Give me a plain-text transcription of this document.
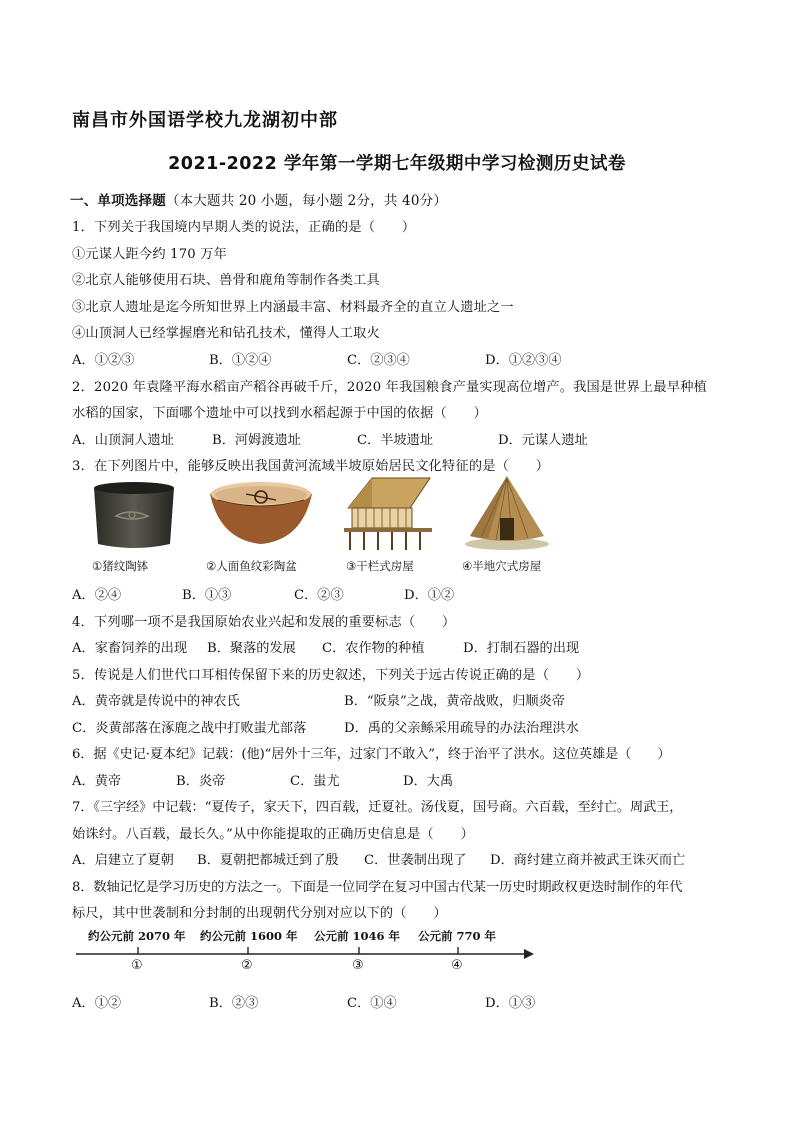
南昌市外国语学校九龙湖初中部
2021-2022 学年第一学期七年级期中学习检测历史试卷
一、单项选择题（本大题共 20 小题，每小题 2分，共 40分）
1．下列关于我国境内早期人类的说法，正确的是（　　）
①元谋人距今约 170 万年
②北京人能够使用石块、兽骨和鹿角等制作各类工具
③北京人遗址是迄今所知世界上内涵最丰富、材料最齐全的直立人遗址之一
④山顶洞人已经掌握磨光和钻孔技术，懂得人工取火
A．①②③	B．①②④	C．②③④	D．①②③④
2．2020 年袁隆平海水稻亩产稻谷再破千斤，2020 年我国粮食产量实现高位增产。我国是世界上最早种植
水稻的国家，下面哪个遗址中可以找到水稻起源于中国的依据（　　）
A．山顶洞人遗址	B．河姆渡遗址	C．半坡遗址	D．元谋人遗址
3．在下列图片中，能够反映出我国黄河流域半坡原始居民文化特征的是（　　）
①猪纹陶钵	②人面鱼纹彩陶盆	③干栏式房屋	④半地穴式房屋
A．②④	B．①③	C．②③	D．①②
4．下列哪一项不是我国原始农业兴起和发展的重要标志（　　）
A．家畜饲养的出现 B．聚落的发展 C．农作物的种植	D．打制石器的出现
5．传说是人们世代口耳相传保留下来的历史叙述，下列关于远古传说正确的是（　　）
A．黄帝就是传说中的神农氏	B．“阪泉”之战，黄帝战败，归顺炎帝
C．炎黄部落在涿鹿之战中打败蚩尤部落	D．禹的父亲鲧采用疏导的办法治理洪水
6．据《史记·夏本纪》记载：(他)“居外十三年，过家门不敢入”，终于治平了洪水。这位英雄是（　　）
A．黄帝	B．炎帝	C．蚩尤	D．大禹
7．《三字经》中记载：“夏传子，家天下，四百载，迁夏社。汤伐夏，国号商。六百载，至纣亡。周武王，
始诛纣。八百载，最长久。”从中你能提取的正确历史信息是（　　）
A．启建立了夏朝 B．夏朝把都城迁到了殷 C．世袭制出现了 D．商纣建立商并被武王诛灭而亡
8．数轴记忆是学习历史的方法之一。下面是一位同学在复习中国古代某一历史时期政权更迭时制作的年代
标尺，其中世袭制和分封制的出现朝代分别对应以下的（　　）
约公元前 2070 年 约公元前 1600 年 公元前 1046 年 公元前 770 年
①	②	③	④
A．①②	B．②③	C．①④	D．①③
